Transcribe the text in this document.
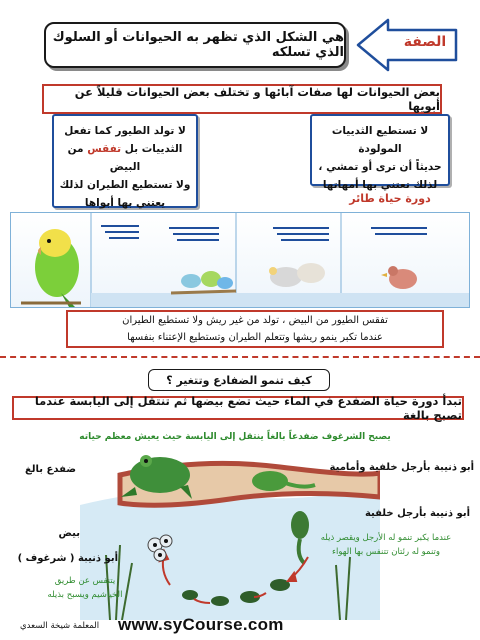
هي الشكل الذي تظهر به الحيوانات أو السلوك الذي تسلكه
الصفة
بعض الحيوانات لها صفات آبائها و تختلف بعض الحيوانات قليلاً عن أبويها
لا تولد الطيور كما تفعل
الثدييات بل تفقس من البيض
ولا تستطيع الطيران لذلك
يعتني بها أبواها
لا تستطيع الثدييات المولودة
حديثاً أن ترى أو تمشي ،
لذلك تعتني بها أمهاتها
دورة حياة طائر
تفقس الطيور من البيض ، تولد من غير ريش ولا تستطيع الطيران
عندما تكبر ينمو ريشها وتتعلم الطيران وتستطيع الإعتناء بنفسها
كيف تنمو الضفادع وتتغير ؟
تبدأ دورة حياة الضفدع في الماء حيث تضع بيضها ثم تنتقل إلى اليابسة عندما تصبح بالغة
يصبح الشرغوف ضفدعاً بالغاً ينتقل إلى اليابسة حيث يعيش معظم حياته
ضفدع بالغ	أبو ذنيبة بأرجل خلفية وأمامية
أبو ذنيبة بأرجل خلفية
عندما يكبر تنمو له الأرجل ويقصر ذيله
وتنمو له رئتان تتنفس بها الهواء
بيض
أبو ذنيبة ( شرغوف )
يتنفس عن طريق
الخياشيم ويسبح بذيله
المعلمة شيخة السعدي www.syCourse.com
